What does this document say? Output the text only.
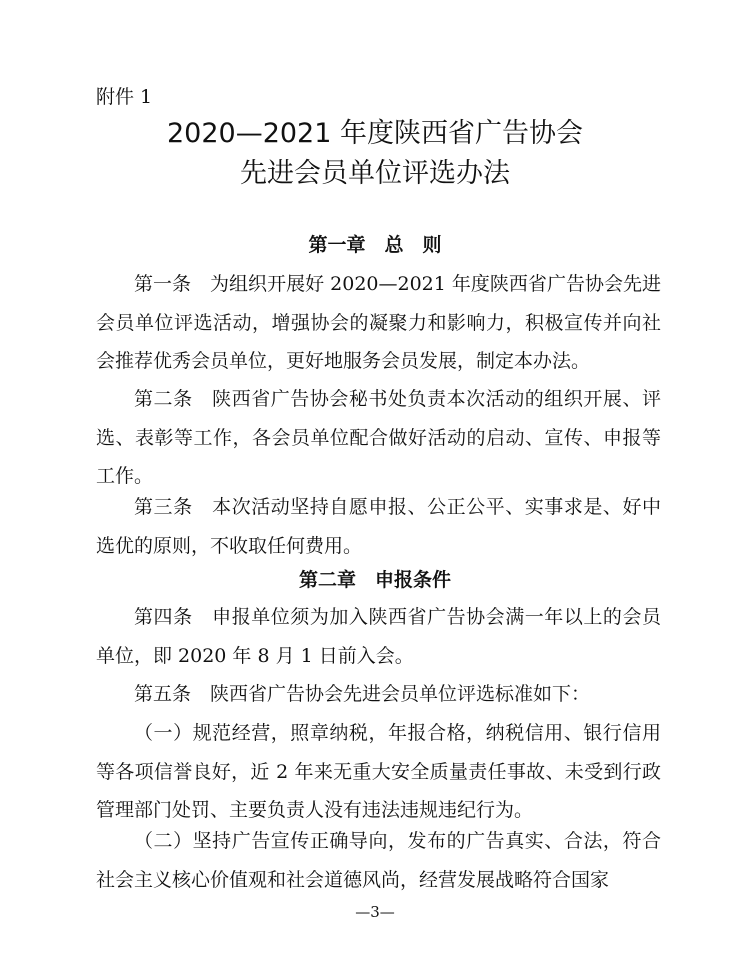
附件 1

2020—2021 年度陕西省广告协会
先进会员单位评选办法
第一章　总　则

第一条　为组织开展好 2020—2021 年度陕西省广告协会先进会员单位评选活动，增强协会的凝聚力和影响力，积极宣传并向社会推荐优秀会员单位，更好地服务会员发展，制定本办法。

第二条　陕西省广告协会秘书处负责本次活动的组织开展、评选、表彰等工作，各会员单位配合做好活动的启动、宣传、申报等工作。

第三条　本次活动坚持自愿申报、公正公平、实事求是、好中选优的原则，不收取任何费用。

第二章　申报条件

第四条　申报单位须为加入陕西省广告协会满一年以上的会员单位，即 2020 年 8 月 1 日前入会。

第五条　陕西省广告协会先进会员单位评选标准如下：

（一）规范经营，照章纳税，年报合格，纳税信用、银行信用等各项信誉良好，近 2 年来无重大安全质量责任事故、未受到行政管理部门处罚、主要负责人没有违法违规违纪行为。

（二）坚持广告宣传正确导向，发布的广告真实、合法，符合社会主义核心价值观和社会道德风尚，经营发展战略符合国家

—3—
